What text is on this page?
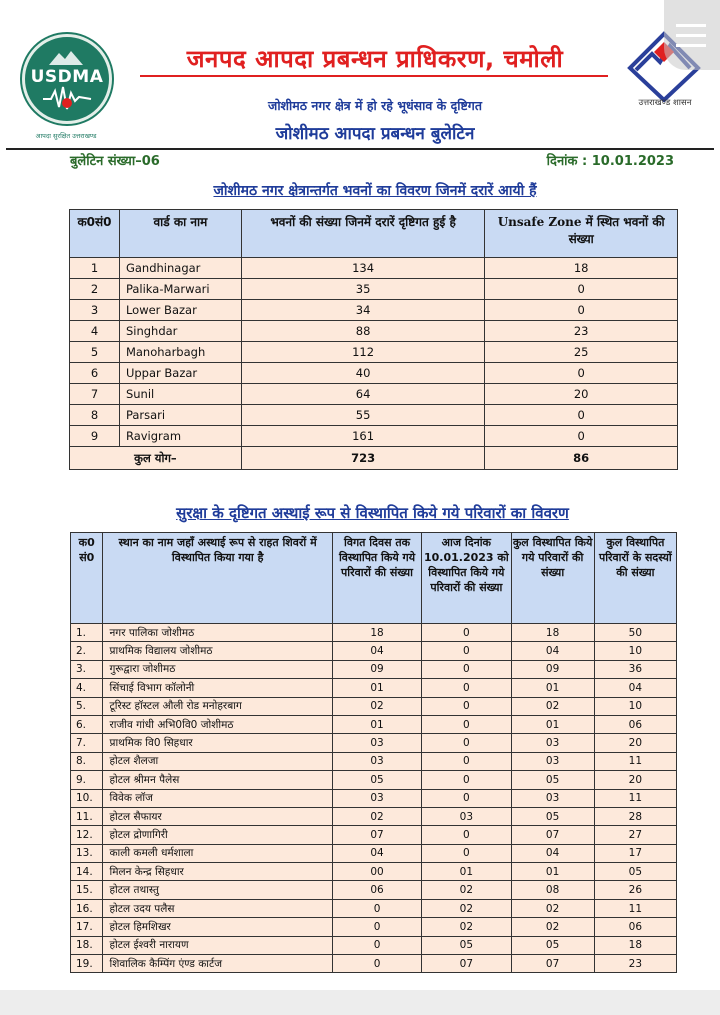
USDMA
आपदा सुरक्षित उत्तराखण्ड
जनपद आपदा प्रबन्धन प्राधिकरण, चमोली
जोशीमठ नगर क्षेत्र में हो रहे भूधंसाव के दृष्टिगत
जोशीमठ आपदा प्रबन्धन बुलेटिन
उत्तराखण्ड शासन
बुलेटिन संख्या–06	दिनांक : 10.01.2023
जोशीमठ नगर क्षेत्रान्तर्गत भवनों का विवरण जिनमें दरारें आयी हैं
क0सं0	वार्ड का नाम	भवनों की संख्या जिनमें दरारें दृष्टिगत हुई है	Unsafe Zone में स्थित भवनों की संख्या
1	Gandhinagar	134	18
2	Palika-Marwari	35	0
3	Lower Bazar	34	0
4	Singhdar	88	23
5	Manoharbagh	112	25
6	Uppar Bazar	40	0
7	Sunil	64	20
8	Parsari	55	0
9	Ravigram	161	0
कुल योग–		723	86
सुरक्षा के दृष्टिगत अस्थाई रूप से विस्थापित किये गये परिवारों का विवरण
क0 सं0	स्थान का नाम जहाँ अस्थाई रूप से राहत शिवरों में विस्थापित किया गया है	विगत दिवस तक विस्थापित किये गये परिवारों की संख्या	आज दिनांक 10.01.2023 को विस्थापित किये गये परिवारों की संख्या	कुल विस्थापित किये गये परिवारों की संख्या	कुल विस्थापित परिवारों के सदस्यों की संख्या
1.	नगर पालिका जोशीमठ	18	0	18	50
2.	प्राथमिक विद्यालय जोशीमठ	04	0	04	10
3.	गुरूद्वारा जोशीमठ	09	0	09	36
4.	सिंचाई विभाग कॉलोनी	01	0	01	04
5.	टूरिस्ट हॉस्टल औली रोड मनोहरबाग	02	0	02	10
6.	राजीव गांधी अभि0वि0 जोशीमठ	01	0	01	06
7.	प्राथमिक वि0 सिहधार	03	0	03	20
8.	होटल शैलजा	03	0	03	11
9.	होटल श्रीमन पैलेस	05	0	05	20
10.	विवेक लॉज	03	0	03	11
11.	होटल सैफायर	02	03	05	28
12.	होटल द्रोणागिरी	07	0	07	27
13.	काली कमली धर्मशाला	04	0	04	17
14.	मिलन केन्द्र सिहधार	00	01	01	05
15.	होटल तथास्तु	06	02	08	26
16.	होटल उदय पलैस	0	02	02	11
17.	होटल हिमशिखर	0	02	02	06
18.	होटल ईश्वरी नारायण	0	05	05	18
19.	शिवालिक कैम्पिंग एंण्ड कार्टज	0	07	07	23
